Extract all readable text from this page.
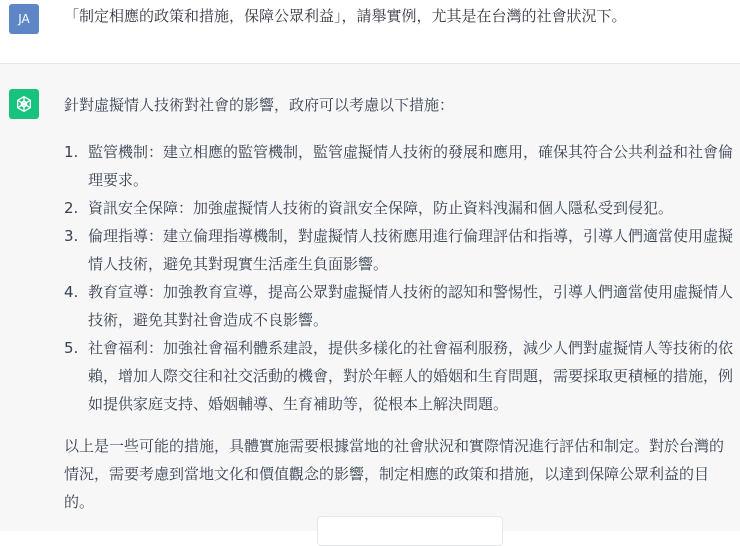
JA	「制定相應的政策和措施，保障公眾利益」，請舉實例，尤其是在台灣的社會狀況下。

針對虛擬情人技術對社會的影響，政府可以考慮以下措施：

1. 監管機制：建立相應的監管機制，監管虛擬情人技術的發展和應用，確保其符合公共利益和社會倫理要求。
2. 資訊安全保障：加強虛擬情人技術的資訊安全保障，防止資料洩漏和個人隱私受到侵犯。
3. 倫理指導：建立倫理指導機制，對虛擬情人技術應用進行倫理評估和指導，引導人們適當使用虛擬情人技術，避免其對現實生活產生負面影響。
4. 教育宣導：加強教育宣導，提高公眾對虛擬情人技術的認知和警惕性，引導人們適當使用虛擬情人技術，避免其對社會造成不良影響。
5. 社會福利：加強社會福利體系建設，提供多樣化的社會福利服務，減少人們對虛擬情人等技術的依賴，增加人際交往和社交活動的機會，對於年輕人的婚姻和生育問題，需要採取更積極的措施，例如提供家庭支持、婚姻輔導、生育補助等，從根本上解決問題。

以上是一些可能的措施，具體實施需要根據當地的社會狀況和實際情況進行評估和制定。對於台灣的情況，需要考慮到當地文化和價值觀念的影響，制定相應的政策和措施，以達到保障公眾利益的目的。
